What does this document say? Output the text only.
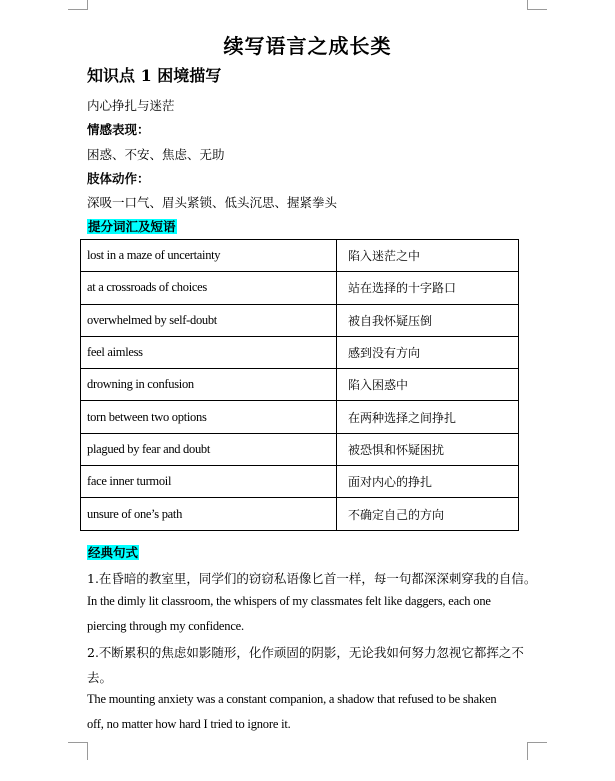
续写语言之成长类
知识点 1 困境描写
内心挣扎与迷茫
情感表现：
困惑、不安、焦虑、无助
肢体动作：
深吸一口气、眉头紧锁、低头沉思、握紧拳头
提分词汇及短语
lost in a maze of uncertainty	陷入迷茫之中
at a crossroads of choices	站在选择的十字路口
overwhelmed by self-doubt	被自我怀疑压倒
feel aimless	感到没有方向
drowning in confusion	陷入困惑中
torn between two options	在两种选择之间挣扎
plagued by fear and doubt	被恐惧和怀疑困扰
face inner turmoil	面对内心的挣扎
unsure of one’s path	不确定自己的方向
经典句式
1.在昏暗的教室里，同学们的窃窃私语像匕首一样，每一句都深深刺穿我的自信。
In the dimly lit classroom, the whispers of my classmates felt like daggers, each one
piercing through my confidence.
2.不断累积的焦虑如影随形，化作顽固的阴影，无论我如何努力忽视它都挥之不
去。
The mounting anxiety was a constant companion, a shadow that refused to be shaken
off, no matter how hard I tried to ignore it.
